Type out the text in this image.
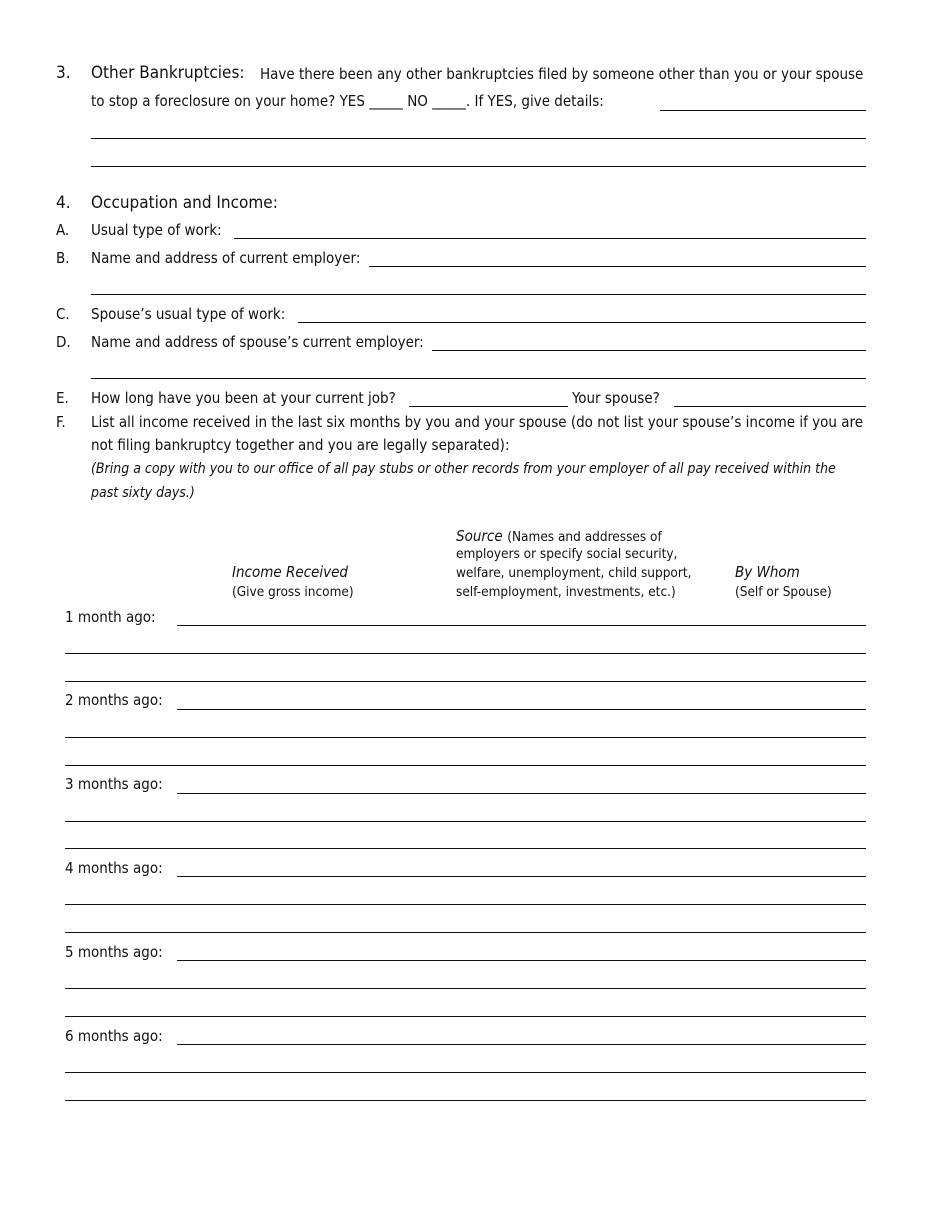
3. Other Bankruptcies: Have there been any other bankruptcies filed by someone other than you or your spouse
to stop a foreclosure on your home? YES _____ NO _____. If YES, give details:
4. Occupation and Income:
A. Usual type of work:
B. Name and address of current employer:
C. Spouse’s usual type of work:
D. Name and address of spouse’s current employer:
E. How long have you been at your current job?	Your spouse?
F. List all income received in the last six months by you and your spouse (do not list your spouse’s income if you are
not filing bankruptcy together and you are legally separated):
(Bring a copy with you to our office of all pay stubs or other records from your employer of all pay received within the
past sixty days.)
Income Received
(Give gross income)
Source (Names and addresses of
employers or specify social security,
welfare, unemployment, child support,
self-employment, investments, etc.)
By Whom
(Self or Spouse)
1 month ago:
2 months ago:
3 months ago:
4 months ago:
5 months ago:
6 months ago:
